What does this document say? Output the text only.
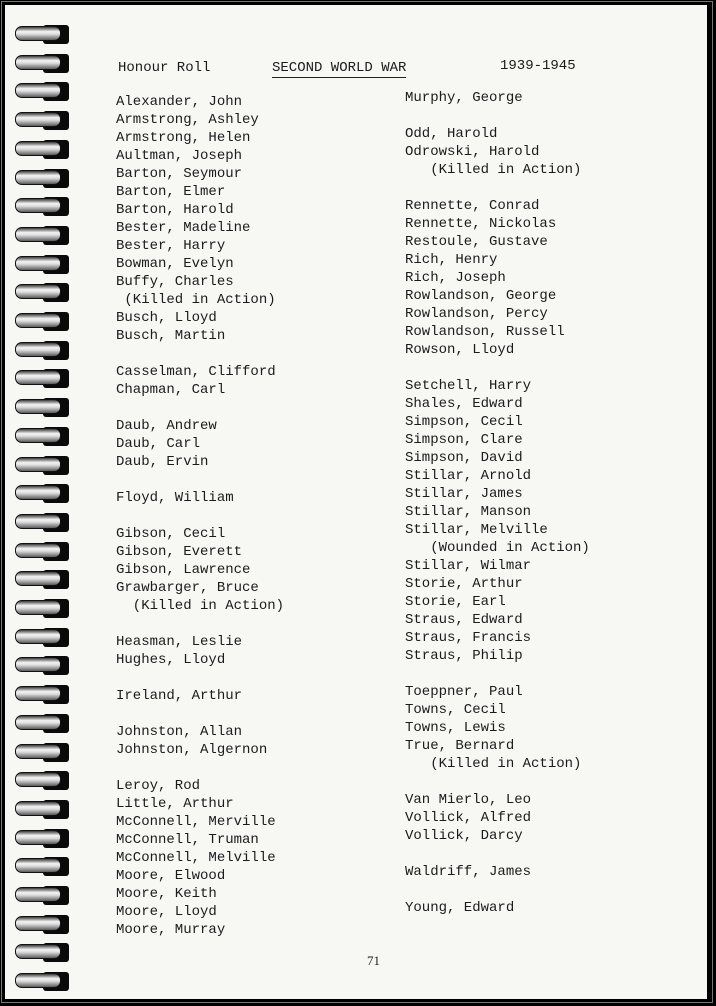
Honour Roll	SECOND WORLD WAR	1939-1945
Alexander, John
Armstrong, Ashley
Armstrong, Helen
Aultman, Joseph
Barton, Seymour
Barton, Elmer
Barton, Harold
Bester, Madeline
Bester, Harry
Bowman, Evelyn
Buffy, Charles
(Killed in Action)
Busch, Lloyd
Busch, Martin
Casselman, Clifford
Chapman, Carl
Daub, Andrew
Daub, Carl
Daub, Ervin
Floyd, William
Gibson, Cecil
Gibson, Everett
Gibson, Lawrence
Grawbarger, Bruce
(Killed in Action)
Heasman, Leslie
Hughes, Lloyd
Ireland, Arthur
Johnston, Allan
Johnston, Algernon
Leroy, Rod
Little, Arthur
McConnell, Merville
McConnell, Truman
McConnell, Melville
Moore, Elwood
Moore, Keith
Moore, Lloyd
Moore, Murray
Murphy, George
Odd, Harold
Odrowski, Harold
(Killed in Action)
Rennette, Conrad
Rennette, Nickolas
Restoule, Gustave
Rich, Henry
Rich, Joseph
Rowlandson, George
Rowlandson, Percy
Rowlandson, Russell
Rowson, Lloyd
Setchell, Harry
Shales, Edward
Simpson, Cecil
Simpson, Clare
Simpson, David
Stillar, Arnold
Stillar, James
Stillar, Manson
Stillar, Melville
(Wounded in Action)
Stillar, Wilmar
Storie, Arthur
Storie, Earl
Straus, Edward
Straus, Francis
Straus, Philip
Toeppner, Paul
Towns, Cecil
Towns, Lewis
True, Bernard
(Killed in Action)
Van Mierlo, Leo
Vollick, Alfred
Vollick, Darcy
Waldriff, James
Young, Edward
71
